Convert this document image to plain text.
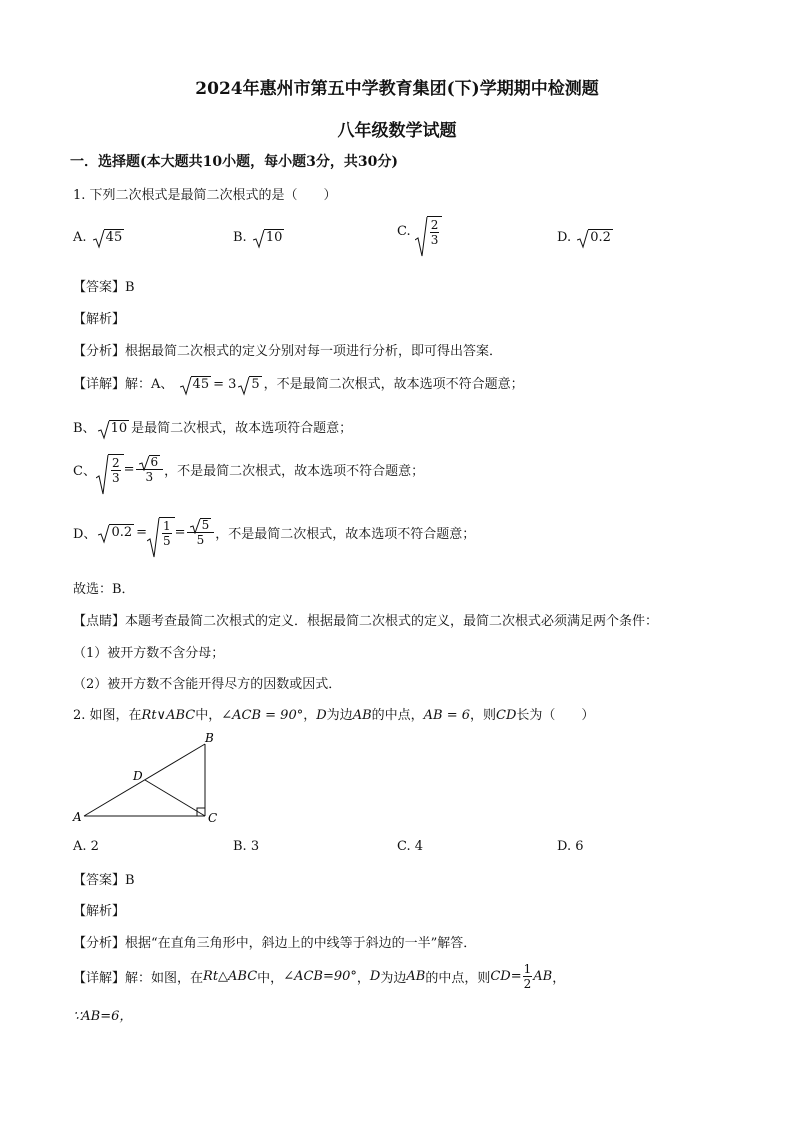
2024年惠州市第五中学教育集团(下)学期期中检测题
八年级数学试题
一．选择题(本大题共10小题，每小题3分，共30分)
1. 下列二次根式是最简二次根式的是（　　）
A. 45	B. 10	C. $\frac{2}{3}$	D. 0.2
【答案】B
【解析】
【分析】根据最简二次根式的定义分别对每一项进行分析，即可得出答案．
【详解】解：A、 45 = 3 5 ，不是最简二次根式，故本选项不符合题意；
B、 10 是最简二次根式，故本选项符合题意；
C、 $\frac{2}{3} = \frac{6}{3}$ ，不是最简二次根式，故本选项不符合题意；
D、 $0.2 = \frac{1}{5} = \frac{5}{5}$ ，不是最简二次根式，故本选项不符合题意；
故选：B．
【点睛】本题考查最简二次根式的定义．根据最简二次根式的定义，最简二次根式必须满足两个条件：
（1）被开方数不含分母；
（2）被开方数不含能开得尽方的因数或因式．
2. 如图，在Rt∨ABC中，∠ACB = 90°，D为边AB的中点，AB = 6，则CD长为（　　）
A
B
C
D
A. 2	B. 3	C. 4	D. 6
【答案】B
【解析】
【分析】根据“在直角三角形中，斜边上的中线等于斜边的一半”解答．
【详解】解：如图，在Rt△ABC中，∠ACB=90°，D为边AB的中点，则$CD= \frac{1}{2}$ AB，
∵AB=6，
